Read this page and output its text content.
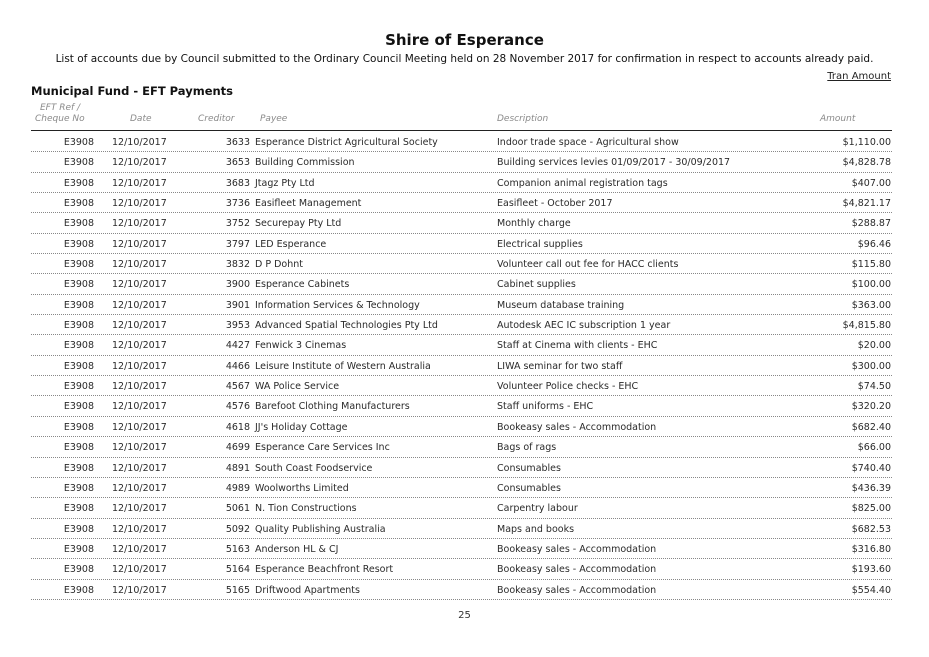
Shire of Esperance
List of accounts due by Council submitted to the Ordinary Council Meeting held on 28 November 2017 for confirmation in respect to accounts already paid.
Tran Amount
Municipal Fund - EFT Payments
EFT Ref /
Cheque No	Date	Creditor	Payee	Description	Amount
E3908 12/10/2017	3633 Esperance District Agricultural Society	Indoor trade space - Agricultural show	$1,110.00
E3908 12/10/2017	3653 Building Commission	Building services levies 01/09/2017 - 30/09/2017	$4,828.78
E3908 12/10/2017	3683 Jtagz Pty Ltd	Companion animal registration tags	$407.00
E3908 12/10/2017	3736 Easifleet Management	Easifleet - October 2017	$4,821.17
E3908 12/10/2017	3752 Securepay Pty Ltd	Monthly charge	$288.87
E3908 12/10/2017	3797 LED Esperance	Electrical supplies	$96.46
E3908 12/10/2017	3832 D P Dohnt	Volunteer call out fee for HACC clients	$115.80
E3908 12/10/2017	3900 Esperance Cabinets	Cabinet supplies	$100.00
E3908 12/10/2017	3901 Information Services & Technology	Museum database training	$363.00
E3908 12/10/2017	3953 Advanced Spatial Technologies Pty Ltd	Autodesk AEC IC subscription 1 year	$4,815.80
E3908 12/10/2017	4427 Fenwick 3 Cinemas	Staff at Cinema with clients - EHC	$20.00
E3908 12/10/2017	4466 Leisure Institute of Western Australia	LIWA seminar for two staff	$300.00
E3908 12/10/2017	4567 WA Police Service	Volunteer Police checks - EHC	$74.50
E3908 12/10/2017	4576 Barefoot Clothing Manufacturers	Staff uniforms - EHC	$320.20
E3908 12/10/2017	4618 JJ's Holiday Cottage	Bookeasy sales - Accommodation	$682.40
E3908 12/10/2017	4699 Esperance Care Services Inc	Bags of rags	$66.00
E3908 12/10/2017	4891 South Coast Foodservice	Consumables	$740.40
E3908 12/10/2017	4989 Woolworths Limited	Consumables	$436.39
E3908 12/10/2017	5061 N. Tion Constructions	Carpentry labour	$825.00
E3908 12/10/2017	5092 Quality Publishing Australia	Maps and books	$682.53
E3908 12/10/2017	5163 Anderson HL & CJ	Bookeasy sales - Accommodation	$316.80
E3908 12/10/2017	5164 Esperance Beachfront Resort	Bookeasy sales - Accommodation	$193.60
E3908 12/10/2017	5165 Driftwood Apartments	Bookeasy sales - Accommodation	$554.40
25
